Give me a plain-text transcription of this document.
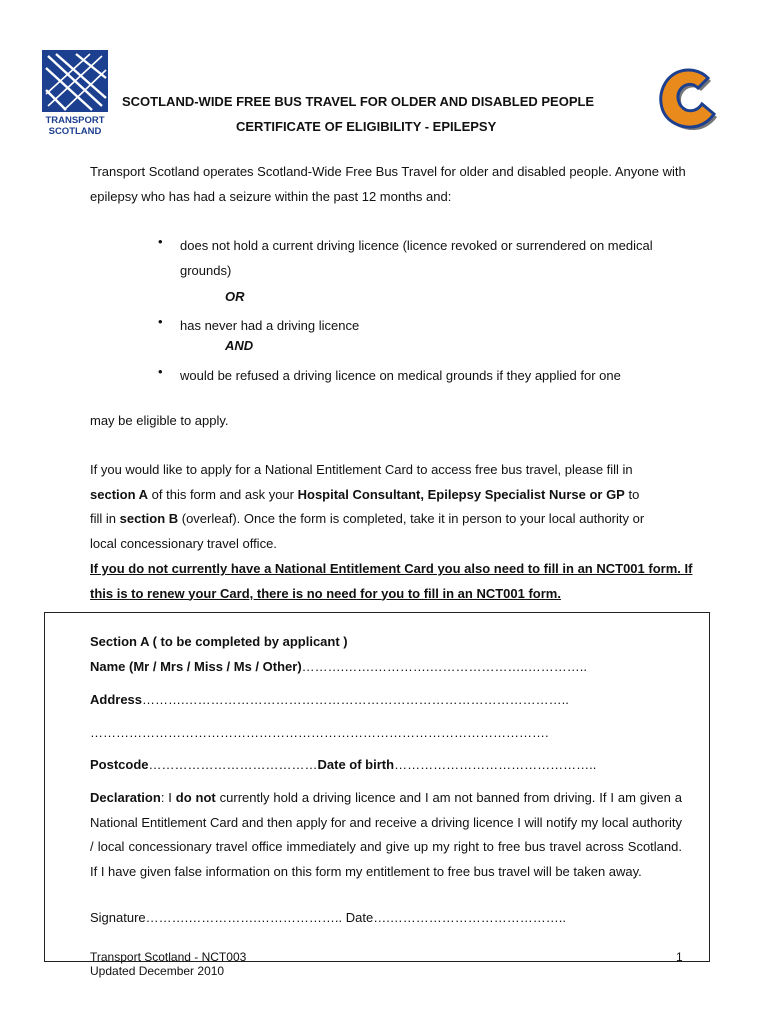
TRANSPORT
SCOTLAND
SCOTLAND-WIDE FREE BUS TRAVEL FOR OLDER AND DISABLED PEOPLE
CERTIFICATE OF ELIGIBILITY - EPILEPSY
Transport Scotland operates Scotland-Wide Free Bus Travel for older and disabled people. Anyone with epilepsy who has had a seizure within the past 12 months and:
• does not hold a current driving licence (licence revoked or surrendered on medical grounds)
OR
• has never had a driving licence
AND
• would be refused a driving licence on medical grounds if they applied for one
may be eligible to apply.
If you would like to apply for a National Entitlement Card to access free bus travel, please fill in
section A of this form and ask your Hospital Consultant, Epilepsy Specialist Nurse or GP to
fill in section B (overleaf). Once the form is completed, take it in person to your local authority or
local concessionary travel office.
If you do not currently have a National Entitlement Card you also need to fill in an NCT001 form. If this is to renew your Card, there is no need for you to fill in an NCT001 form.
Section A ( to be completed by applicant )
Name (Mr / Mrs / Miss / Ms / Other)……….…….………….…………………..…………..
Address……….……………………………………………………………………………..
…………………………………………………………………………………………….
Postcode…………………………………Date of birth………………………………………..
Declaration: I do not currently hold a driving licence and I am not banned from driving. If I am given a National Entitlement Card and then apply for and receive a driving licence I will notify my local authority / local concessionary travel office immediately and give up my right to free bus travel across Scotland. If I have given false information on this form my entitlement to free bus travel will be taken away.
Signature……….…………….……………….. Date….…………………………………..
Transport Scotland - NCT003
Updated December 2010
1
